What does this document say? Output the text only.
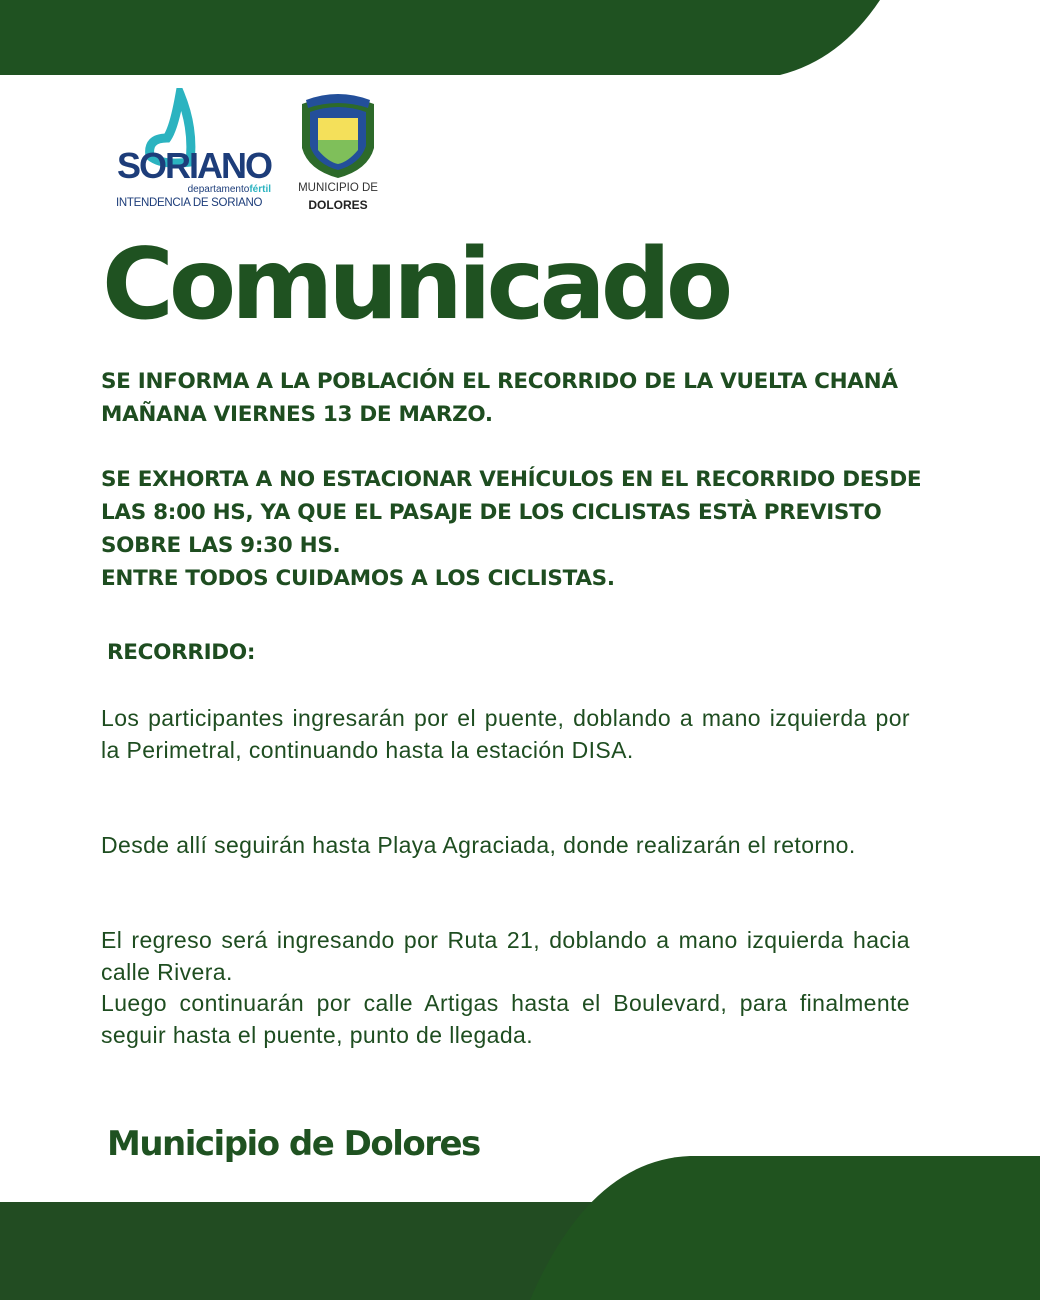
SORIANO
departamentofértil
INTENDENCIA DE SORIANO
MUNICIPIO DE
DOLORES
Comunicado
SE INFORMA A LA POBLACIÓN EL RECORRIDO DE LA VUELTA CHANÁ
MAÑANA VIERNES 13 DE MARZO.
SE EXHORTA A NO ESTACIONAR VEHÍCULOS EN EL RECORRIDO DESDE
LAS 8:00 HS, YA QUE EL PASAJE DE LOS CICLISTAS ESTÀ PREVISTO
SOBRE LAS 9:30 HS.
ENTRE TODOS CUIDAMOS A LOS CICLISTAS.
RECORRIDO:
Los participantes ingresarán por el puente, doblando a mano izquierda por la Perimetral, continuando hasta la estación DISA.
Desde allí seguirán hasta Playa Agraciada, donde realizarán el retorno.
El regreso será ingresando por Ruta 21, doblando a mano izquierda hacia calle Rivera.
Luego continuarán por calle Artigas hasta el Boulevard, para finalmente seguir hasta el puente, punto de llegada.
Municipio de Dolores
